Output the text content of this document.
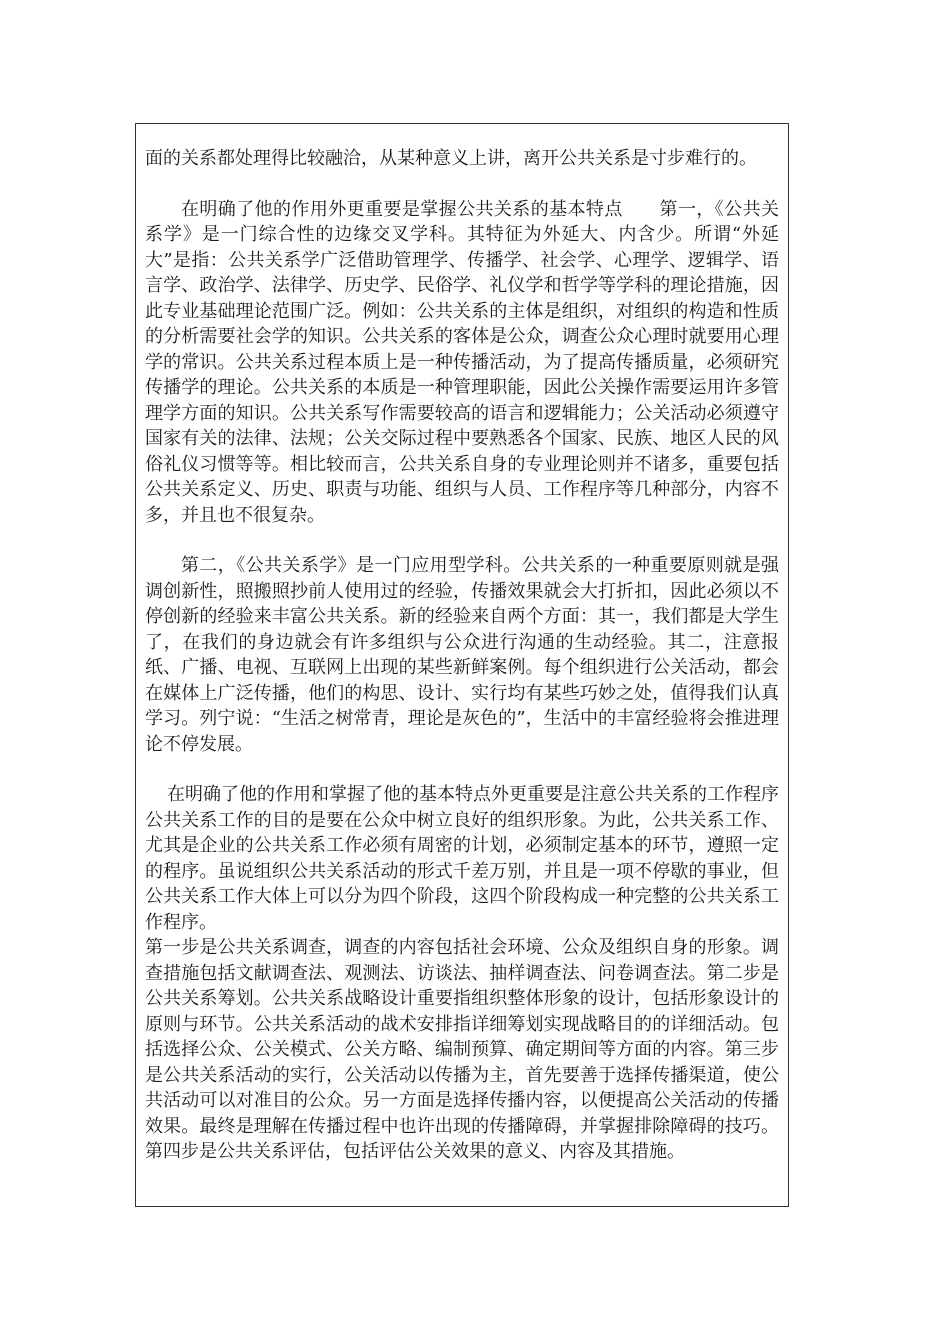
面的关系都处理得比较融洽，从某种意义上讲，离开公共关系是寸步难行的。

在明确了他的作用外更重要是掌握公共关系的基本特点　　第一，《公共关系学》是一门综合性的边缘交叉学科。其特征为外延大、内含少。所谓“外延大”是指：公共关系学广泛借助管理学、传播学、社会学、心理学、逻辑学、语言学、政治学、法律学、历史学、民俗学、礼仪学和哲学等学科的理论措施，因此专业基础理论范围广泛。例如：公共关系的主体是组织，对组织的构造和性质的分析需要社会学的知识。公共关系的客体是公众，调查公众心理时就要用心理学的常识。公共关系过程本质上是一种传播活动，为了提高传播质量，必须研究传播学的理论。公共关系的本质是一种管理职能，因此公关操作需要运用许多管理学方面的知识。公共关系写作需要较高的语言和逻辑能力；公关活动必须遵守国家有关的法律、法规；公关交际过程中要熟悉各个国家、民族、地区人民的风俗礼仪习惯等等。相比较而言，公共关系自身的专业理论则并不诸多，重要包括公共关系定义、历史、职责与功能、组织与人员、工作程序等几种部分，内容不多，并且也不很复杂。

第二，《公共关系学》是一门应用型学科。公共关系的一种重要原则就是强调创新性，照搬照抄前人使用过的经验，传播效果就会大打折扣，因此必须以不停创新的经验来丰富公共关系。新的经验来自两个方面：其一，我们都是大学生了，在我们的身边就会有许多组织与公众进行沟通的生动经验。其二，注意报纸、广播、电视、互联网上出现的某些新鲜案例。每个组织进行公关活动，都会在媒体上广泛传播，他们的构思、设计、实行均有某些巧妙之处，值得我们认真学习。列宁说：“生活之树常青，理论是灰色的”，生活中的丰富经验将会推进理论不停发展。

在明确了他的作用和掌握了他的基本特点外更重要是注意公共关系的工作程序公共关系工作的目的是要在公众中树立良好的组织形象。为此，公共关系工作、尤其是企业的公共关系工作必须有周密的计划，必须制定基本的环节，遵照一定的程序。虽说组织公共关系活动的形式千差万别，并且是一项不停歇的事业，但公共关系工作大体上可以分为四个阶段，这四个阶段构成一种完整的公共关系工作程序。

第一步是公共关系调查，调查的内容包括社会环境、公众及组织自身的形象。调查措施包括文献调查法、观测法、访谈法、抽样调查法、问卷调查法。第二步是公共关系筹划。公共关系战略设计重要指组织整体形象的设计，包括形象设计的原则与环节。公共关系活动的战术安排指详细筹划实现战略目的的详细活动。包括选择公众、公关模式、公关方略、编制预算、确定期间等方面的内容。第三步是公共关系活动的实行，公关活动以传播为主，首先要善于选择传播渠道，使公共活动可以对准目的公众。另一方面是选择传播内容，以便提高公关活动的传播效果。最终是理解在传播过程中也许出现的传播障碍，并掌握排除障碍的技巧。第四步是公共关系评估，包括评估公关效果的意义、内容及其措施。
